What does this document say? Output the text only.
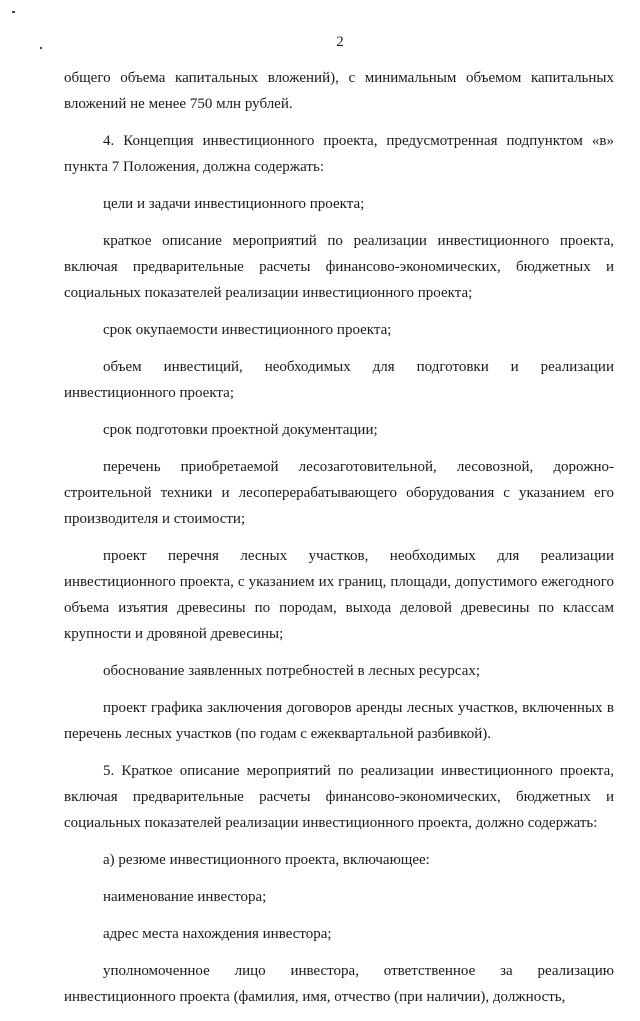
2
общего объема капитальных вложений), с минимальным объемом капитальных
вложений не менее 750 млн рублей.
4. Концепция инвестиционного проекта, предусмотренная подпунктом «в»
пункта 7 Положения, должна содержать:
цели и задачи инвестиционного проекта;
краткое описание мероприятий по реализации инвестиционного проекта,
включая предварительные расчеты финансово-экономических, бюджетных и
социальных показателей реализации инвестиционного проекта;
срок окупаемости инвестиционного проекта;
объем инвестиций, необходимых для подготовки и реализации
инвестиционного проекта;
срок подготовки проектной документации;
перечень приобретаемой лесозаготовительной, лесовозной, дорожно-
строительной техники и лесоперерабатывающего оборудования с указанием его
производителя и стоимости;
проект перечня лесных участков, необходимых для реализации
инвестиционного проекта, с указанием их границ, площади, допустимого ежегодного
объема изъятия древесины по породам, выхода деловой древесины по классам
крупности и дровяной древесины;
обоснование заявленных потребностей в лесных ресурсах;
проект графика заключения договоров аренды лесных участков, включенных в
перечень лесных участков (по годам с ежеквартальной разбивкой).
5. Краткое описание мероприятий по реализации инвестиционного проекта,
включая предварительные расчеты финансово-экономических, бюджетных и
социальных показателей реализации инвестиционного проекта, должно содержать:
а) резюме инвестиционного проекта, включающее:
наименование инвестора;
адрес места нахождения инвестора;
уполномоченное лицо инвестора, ответственное за реализацию
инвестиционного проекта (фамилия, имя, отчество (при наличии), должность,
